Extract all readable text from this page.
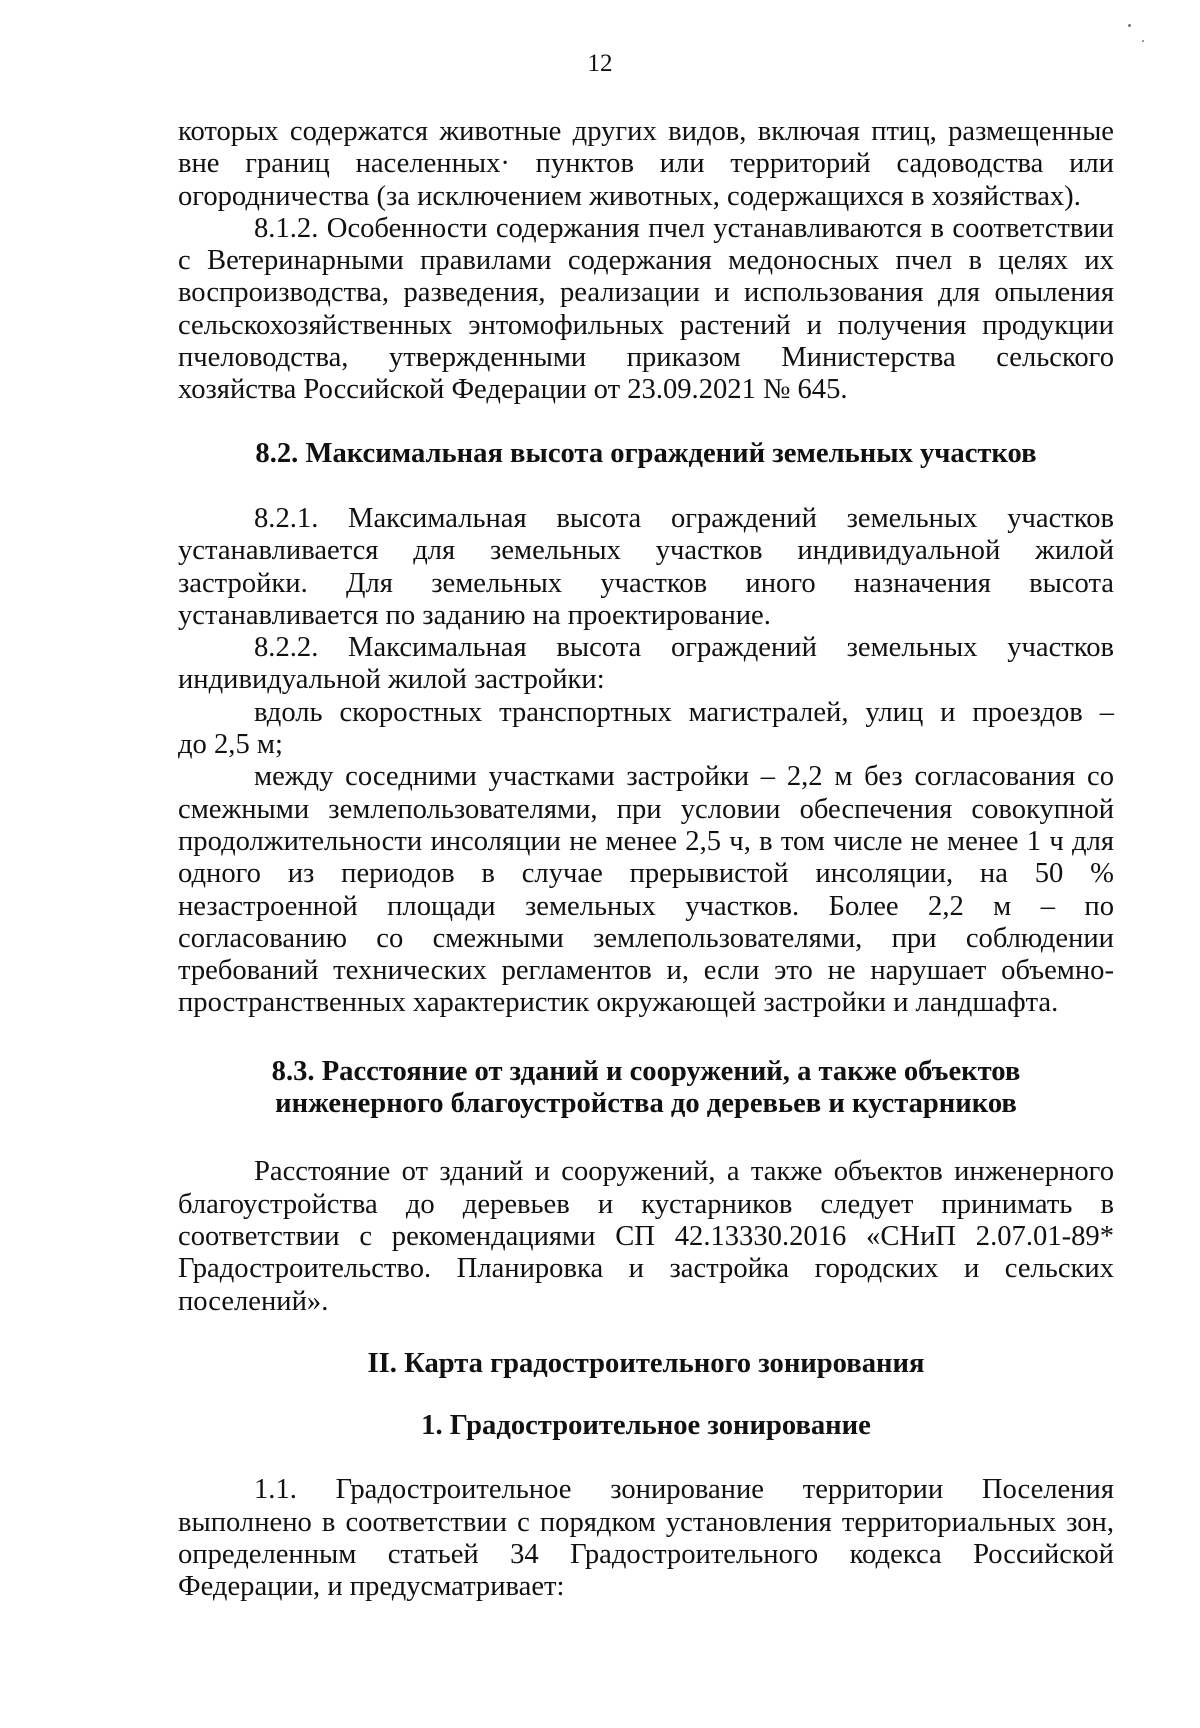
12

которых содержатся животные других видов, включая птиц, размещенные

вне границ населенных· пунктов или территорий садоводства или

огородничества (за исключением животных, содержащихся в хозяйствах).

8.1.2. Особенности содержания пчел устанавливаются в соответствии

с Ветеринарными правилами содержания медоносных пчел в целях их

воспроизводства, разведения, реализации и использования для опыления

сельскохозяйственных энтомофильных растений и получения продукции

пчеловодства, утвержденными приказом Министерства сельского

хозяйства Российской Федерации от 23.09.2021 № 645.

8.2. Максимальная высота ограждений земельных участков

8.2.1. Максимальная высота ограждений земельных участков

устанавливается для земельных участков индивидуальной жилой

застройки. Для земельных участков иного назначения высота

устанавливается по заданию на проектирование.

8.2.2. Максимальная высота ограждений земельных участков

индивидуальной жилой застройки:

вдоль скоростных транспортных магистралей, улиц и проездов –

до 2,5 м;

между соседними участками застройки – 2,2 м без согласования со

смежными землепользователями, при условии обеспечения совокупной

продолжительности инсоляции не менее 2,5 ч, в том числе не менее 1 ч для

одного из периодов в случае прерывистой инсоляции, на 50 %

незастроенной площади земельных участков. Более 2,2 м – по

согласованию со смежными землепользователями, при соблюдении

требований технических регламентов и, если это не нарушает объемно-

пространственных характеристик окружающей застройки и ландшафта.

8.3. Расстояние от зданий и сооружений, а также объектов

инженерного благоустройства до деревьев и кустарников

Расстояние от зданий и сооружений, а также объектов инженерного

благоустройства до деревьев и кустарников следует принимать в

соответствии с рекомендациями СП 42.13330.2016 «СНиП 2.07.01-89*

Градостроительство. Планировка и застройка городских и сельских

поселений».

II. Карта градостроительного зонирования

1. Градостроительное зонирование

1.1. Градостроительное зонирование территории Поселения

выполнено в соответствии с порядком установления территориальных зон,

определенным статьей 34 Градостроительного кодекса Российской

Федерации, и предусматривает:
